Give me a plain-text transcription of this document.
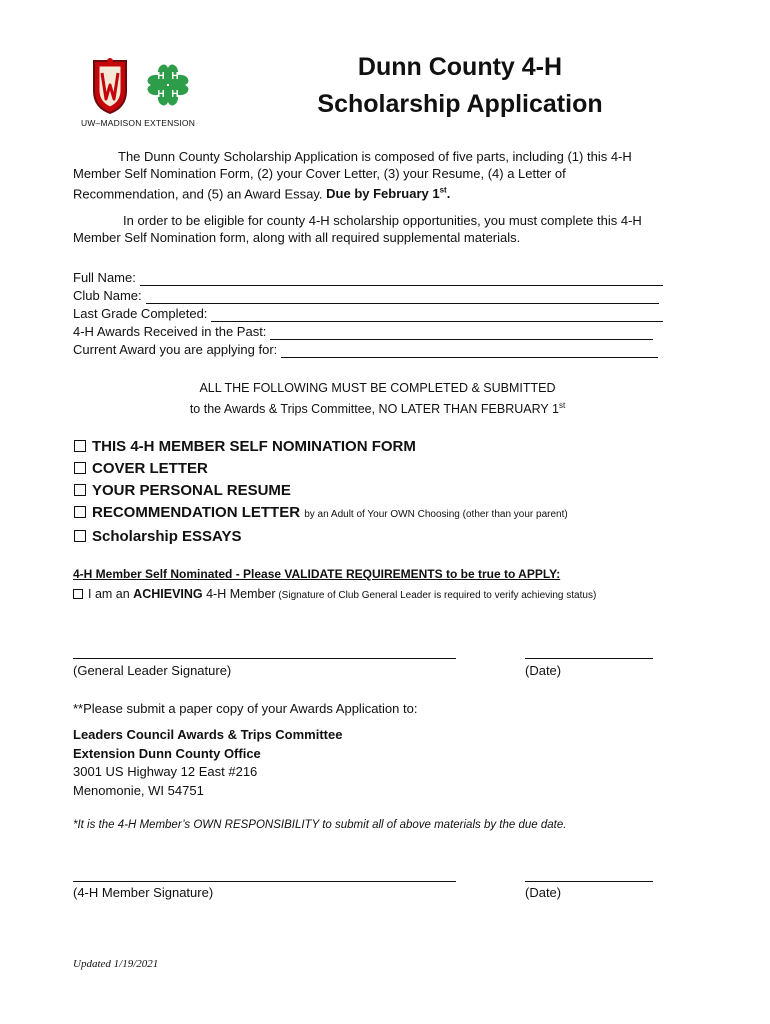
H H
H H
UW–MADISON EXTENSION
Dunn County 4-H
Scholarship Application
The Dunn County Scholarship Application is composed of five parts, including (1) this 4-H
Member Self Nomination Form, (2) your Cover Letter, (3) your Resume, (4) a Letter of
Recommendation, and (5) an Award Essay. Due by February 1st.
In order to be eligible for county 4-H scholarship opportunities, you must complete this 4-H
Member Self Nomination form, along with all required supplemental materials.
Full Name:
Club Name:
Last Grade Completed:
4-H Awards Received in the Past:
Current Award you are applying for:
ALL THE FOLLOWING MUST BE COMPLETED & SUBMITTED
to the Awards & Trips Committee, NO LATER THAN FEBRUARY 1st
THIS 4-H MEMBER SELF NOMINATION FORM
COVER LETTER
YOUR PERSONAL RESUME
RECOMMENDATION LETTER by an Adult of Your OWN Choosing (other than your parent)
Scholarship ESSAYS
4-H Member Self Nominated - Please VALIDATE REQUIREMENTS to be true to APPLY:
I am an ACHIEVING 4-H Member (Signature of Club General Leader is required to verify achieving status)
(General Leader Signature)	(Date)
**Please submit a paper copy of your Awards Application to:
Leaders Council Awards & Trips Committee
Extension Dunn County Office
3001 US Highway 12 East #216
Menomonie, WI 54751
*It is the 4-H Member’s OWN RESPONSIBILITY to submit all of above materials by the due date.
(4-H Member Signature)	(Date)
Updated 1/19/2021
